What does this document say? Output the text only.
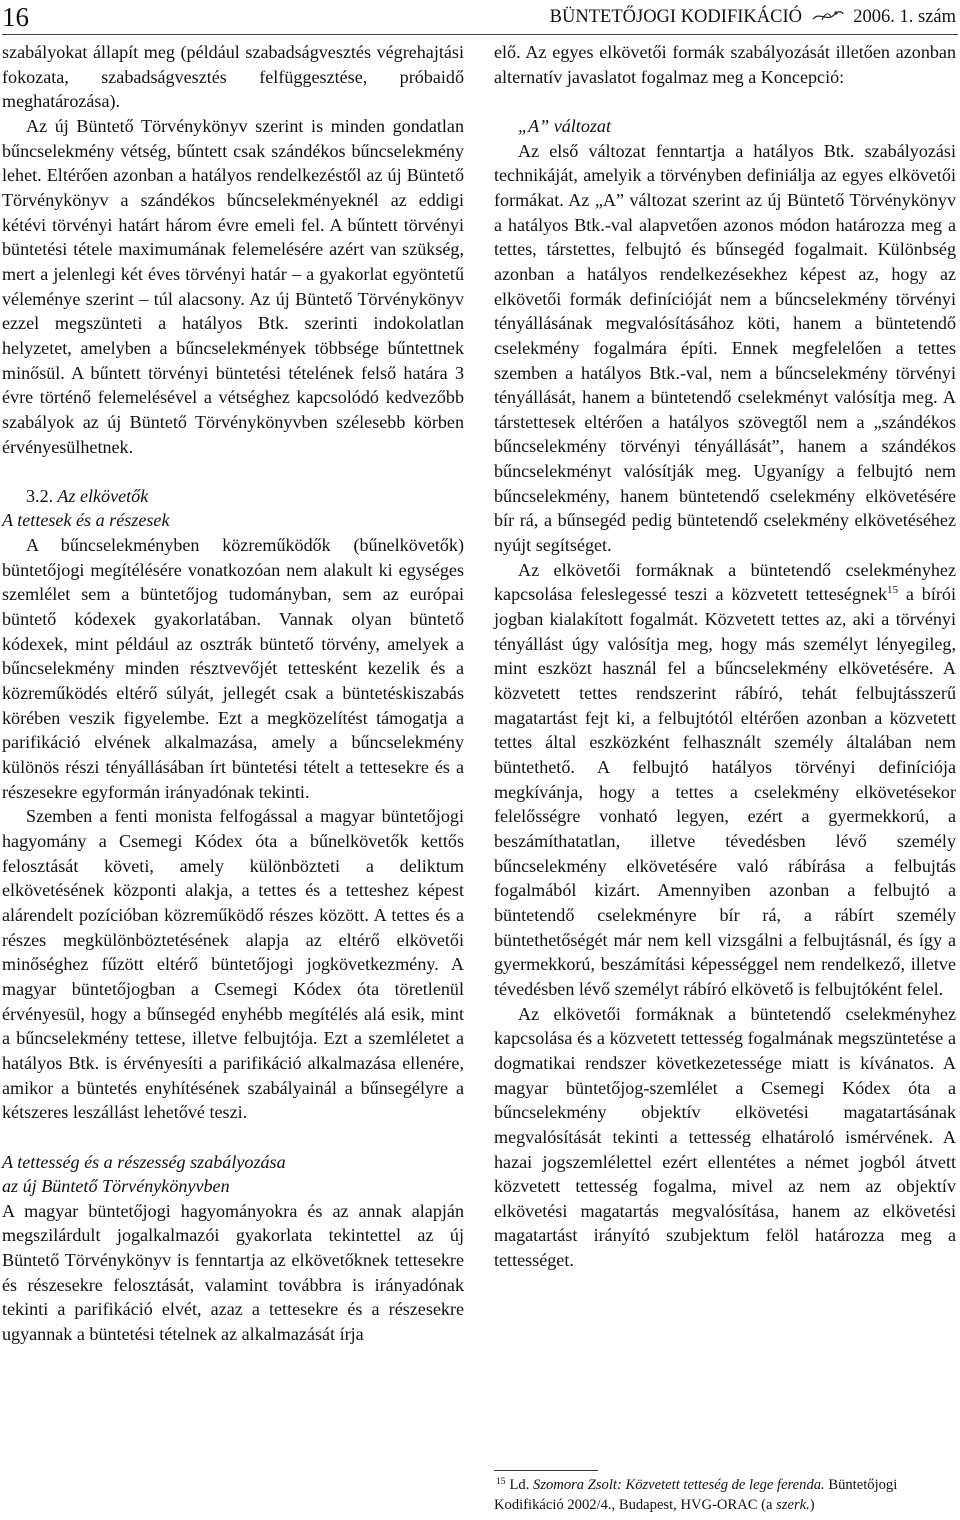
16	BÜNTETŐJOGI KODIFIKÁCIÓ	2006. 1. szám

szabályokat állapít meg (például szabadságvesztés végrehajtási fokozata, szabadságvesztés felfüggesztése, próbaidő meghatározása).

Az új Büntető Törvénykönyv szerint is minden gondatlan bűncselekmény vétség, bűntett csak szándékos bűncselekmény lehet. Eltérően azonban a hatályos rendelkezéstől az új Büntető Törvénykönyv a szándékos bűncselekményeknél az eddigi kétévi törvényi határt három évre emeli fel. A bűntett törvényi büntetési tétele maximumának felemelésére azért van szükség, mert a jelenlegi két éves törvényi határ – a gyakorlat egyöntetű véleménye szerint – túl alacsony. Az új Büntető Törvénykönyv ezzel megszünteti a hatályos Btk. szerinti indokolatlan helyzetet, amelyben a bűncselekmények többsége bűntettnek minősül. A bűntett törvényi büntetési tételének felső határa 3 évre történő felemelésével a vétséghez kapcsolódó kedvezőbb szabályok az új Büntető Törvénykönyvben szélesebb körben érvényesülhetnek.

3.2. Az elkövetők

A tettesek és a részesek

A bűncselekményben közreműködők (bűnelkövetők) büntetőjogi megítélésére vonatkozóan nem alakult ki egységes szemlélet sem a büntetőjog tudományban, sem az európai büntető kódexek gyakorlatában. Vannak olyan büntető kódexek, mint például az osztrák büntető törvény, amelyek a bűncselekmény minden résztvevőjét tettesként kezelik és a közreműködés eltérő súlyát, jellegét csak a büntetéskiszabás körében veszik figyelembe. Ezt a megközelítést támogatja a parifikáció elvének alkalmazása, amely a bűncselekmény különös részi tényállásában írt büntetési tételt a tettesekre és a részesekre egyformán irányadónak tekinti.

Szemben a fenti monista felfogással a magyar büntetőjogi hagyomány a Csemegi Kódex óta a bűnelkövetők kettős felosztását követi, amely különbözteti a deliktum elkövetésének központi alakja, a tettes és a tetteshez képest alárendelt pozícióban közreműködő részes között. A tettes és a részes megkülönböztetésének alapja az eltérő elkövetői minőséghez fűzött eltérő büntetőjogi jogkövetkezmény. A magyar büntetőjogban a Csemegi Kódex óta töretlenül érvényesül, hogy a bűnsegéd enyhébb megítélés alá esik, mint a bűncselekmény tettese, illetve felbujtója. Ezt a szemléletet a hatályos Btk. is érvényesíti a parifikáció alkalmazása ellenére, amikor a büntetés enyhítésének szabályainál a bűnsegélyre a kétszeres leszállást lehetővé teszi.

A tettesség és a részesség szabályozása

az új Büntető Törvénykönyvben

A magyar büntetőjogi hagyományokra és az annak alapján megszilárdult jogalkalmazói gyakorlata tekintettel az új Büntető Törvénykönyv is fenntartja az elkövetőknek tettesekre és részesekre felosztását, valamint továbbra is irányadónak tekinti a parifikáció elvét, azaz a tettesekre és a részesekre ugyannak a büntetési tételnek az alkalmazását írja

elő. Az egyes elkövetői formák szabályozását illetően azonban alternatív javaslatot fogalmaz meg a Koncepció:

„A” változat

Az első változat fenntartja a hatályos Btk. szabályozási technikáját, amelyik a törvényben definiálja az egyes elkövetői formákat. Az „A” változat szerint az új Büntető Törvénykönyv a hatályos Btk.-val alapvetően azonos módon határozza meg a tettes, társtettes, felbujtó és bűnsegéd fogalmait. Különbség azonban a hatályos rendelkezésekhez képest az, hogy az elkövetői formák definícióját nem a bűncselekmény törvényi tényállásának megvalósításához köti, hanem a büntetendő cselekmény fogalmára építi. Ennek megfelelően a tettes szemben a hatályos Btk.-val, nem a bűncselekmény törvényi tényállását, hanem a büntetendő cselekményt valósítja meg. A társtettesek eltérően a hatályos szövegtől nem a „szándékos bűncselekmény törvényi tényállását”, hanem a szándékos bűncselekményt valósítják meg. Ugyanígy a felbujtó nem bűncselekmény, hanem büntetendő cselekmény elkövetésére bír rá, a bűnsegéd pedig büntetendő cselekmény elkövetéséhez nyújt segítséget.

Az elkövetői formáknak a büntetendő cselekményhez kapcsolása feleslegessé teszi a közvetett tetteségnek$^{15}$ a bírói jogban kialakított fogalmát. Közvetett tettes az, aki a törvényi tényállást úgy valósítja meg, hogy más személyt lényegileg, mint eszközt használ fel a bűncselekmény elkövetésére. A közvetett tettes rendszerint rábíró, tehát felbujtásszerű magatartást fejt ki, a felbujtótól eltérően azonban a közvetett tettes által eszközként felhasznált személy általában nem büntethető. A felbujtó hatályos törvényi definíciója megkívánja, hogy a tettes a cselekmény elkövetésekor felelősségre vonható legyen, ezért a gyermekkorú, a beszámíthatatlan, illetve tévedésben lévő személy bűncselekmény elkövetésére való rábírása a felbujtás fogalmából kizárt. Amennyiben azonban a felbujtó a büntetendő cselekményre bír rá, a rábírt személy büntethetőségét már nem kell vizsgálni a felbujtásnál, és így a gyermekkorú, beszámítási képességgel nem rendelkező, illetve tévedésben lévő személyt rábíró elkövető is felbujtóként felel.

Az elkövetői formáknak a büntetendő cselekményhez kapcsolása és a közvetett tettesség fogalmának megszüntetése a dogmatikai rendszer következetessége miatt is kívánatos. A magyar büntetőjog-szemlélet a Csemegi Kódex óta a bűncselekmény objektív elkövetési magatartásának megvalósítását tekinti a tettesség elhatároló ismérvének. A hazai jogszemlélettel ezért ellentétes a német jogból átvett közvetett tettesség fogalma, mivel az nem az objektív elkövetési magatartás megvalósítása, hanem az elkövetési magatartást irányító szubjektum felöl határozza meg a tettességet.

$^{15}$ Ld. Szomora Zsolt: Közvetett tetteség de lege ferenda. Büntetőjogi Kodifikáció 2002/4., Budapest, HVG-ORAC (a szerk.)
